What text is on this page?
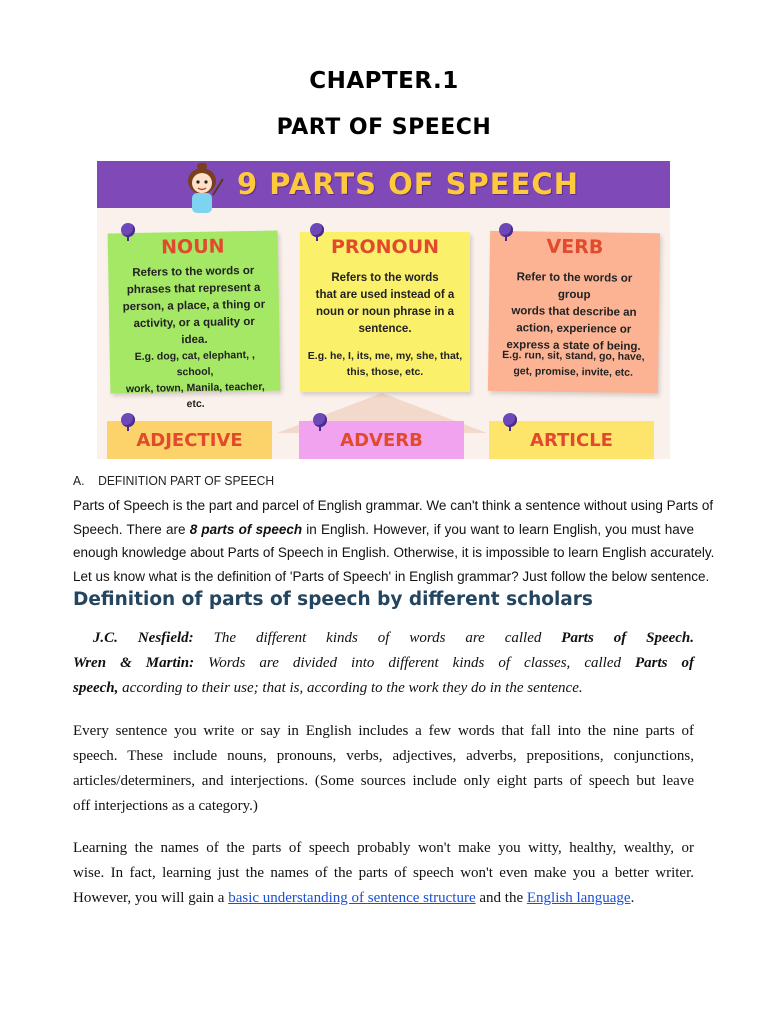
CHAPTER.1
PART OF SPEECH
9 PARTS OF SPEECH
NOUN
Refers to the words or
phrases that represent a
person, a place, a thing or
activity, or a quality or idea.
E.g. dog, cat, elephant, , school,
work, town, Manila, teacher, etc.
PRONOUN
Refers to the words
that are used instead of a
noun or noun phrase in a
sentence.
E.g. he, I, its, me, my, she, that,
this, those, etc.
VERB
Refer to the words or group
words that describe an
action, experience or
express a state of being.
E.g. run, sit, stand, go, have,
get, promise, invite, etc.
ADJECTIVE	ADVERB	ARTICLE
A. DEFINITION PART OF SPEECH
Parts of Speech is the part and parcel of English grammar. We can't think a sentence without using Parts of
Speech. There are 8 parts of speech in English. However, if you want to learn English, you must have
enough knowledge about Parts of Speech in English. Otherwise, it is impossible to learn English accurately.
Let us know what is the definition of 'Parts of Speech' in English grammar? Just follow the below sentence.
Definition of parts of speech by different scholars
J.C. Nesfield: The different kinds of words are called Parts of Speech.
Wren & Martin: Words are divided into different kinds of classes, called Parts of
speech, according to their use; that is, according to the work they do in the sentence.
Every sentence you write or say in English includes a few words that fall into the nine parts of
speech. These include nouns, pronouns, verbs, adjectives, adverbs, prepositions, conjunctions,
articles/determiners, and interjections. (Some sources include only eight parts of speech but leave
off interjections as a category.)
Learning the names of the parts of speech probably won't make you witty, healthy, wealthy, or
wise. In fact, learning just the names of the parts of speech won't even make you a better writer.
However, you will gain a basic understanding of sentence structure and the English language.
